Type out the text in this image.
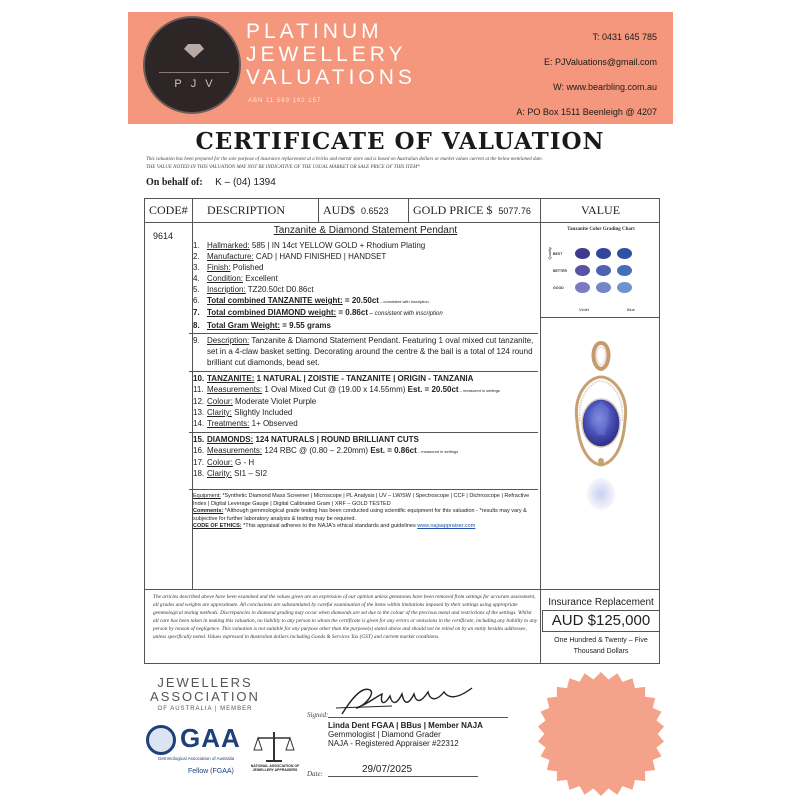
PJV
PLATINUM
JEWELLERY
VALUATIONS
ABN 11 589 192 157
T: 0431 645 785
E: PJValuations@gmail.com
W: www.bearbling.com.au
A: PO Box 1511 Beenleigh @ 4207
CERTIFICATE OF VALUATION
This valuation has been prepared for the sole purpose of insurance replacement at a bricks and mortar store and is based on Australian dollars or market values current at the below mentioned date.
THE VALUE NOTED IN THIS VALUATION MAY NOT BE INDICATIVE OF THE USUAL MARKET OR SALE PRICE OF THIS ITEM*
On behalf of: K – (04) 1394
CODE#	DESCRIPTION	AUD$ 0.6523 GOLD PRICE $ 5077.76	VALUE
9614	Tanzanite & Diamond Statement Pendant
1. Hallmarked: 585 | IN 14ct YELLOW GOLD + Rhodium Plating
2. Manufacture: CAD | HAND FINISHED | HANDSET
3. Finish: Polished
4. Condition: Excellent
5. Inscription: TZ20.50ct D0.86ct
6. Total combined TANZANITE weight: = 20.50ct – consistent with inscription
7. Total combined DIAMOND weight: = 0.86ct – consistent with inscription
8. Total Gram Weight: = 9.55 grams
9. Description: Tanzanite & Diamond Statement Pendant. Featuring 1 oval mixed cut tanzanite, set in a 4-claw basket setting. Decorating around the centre & the bail is a total of 124 round brilliant cut diamonds, bead set.
10. TANZANITE: 1 NATURAL | ZOISTIE - TANZANITE | ORIGIN - TANZANIA
11. Measurements: 1 Oval Mixed Cut @ (19.00 x 14.55mm) Est. = 20.50ct – measured in settings
12. Colour: Moderate Violet Purple
13. Clarity: Slightly Included
14. Treatments: 1+ Observed
15. DIAMONDS: 124 NATURALS | ROUND BRILLIANT CUTS
16. Measurements: 124 RBC @ (0.80 – 2.20mm) Est. = 0.86ct – measured in settings
17. Colour: G - H
18. Clarity: SI1 – SI2
Equipment: *Synthetic Diamond Mass Screener | Microscope | PL Analysis | UV – LW/SW | Spectroscope | CCF | Dichroscope | Refractive Index | Digital Leverage Gauge | Digital Calibrated Gram | XRF – GOLD TESTED
Comments: *Although gemmological grade testing has been conducted using scientific equipment for this valuation - *results may vary & subjective for further laboratory analysis & testing may be required.
CODE OF ETHICS: *This appraisal adheres to the NAJA's ethical standards and guidelines www.najaappraiser.com
Tanzanite Color Grading Chart
Quality BEST
BETTER
GOOD
Violet	Blue
The articles described above have been examined and the values given are an expression of our opinion unless gemstones have been removed from settings for accurate assessment, all grades and weights are approximate. All conclusions are substantiated by careful examination of the items within limitations imposed by their settings using appropriate gemmological testing methods. Discrepancies in diamond grading may occur when diamonds are set due to the colour of the precious metal and restrictions of the settings. Whilst all care has been taken in making this valuation, no liability to any person to whom the certificate is given for any errors or omissions in the certificate, including any liability to any person by reason of negligence. This valuation is not suitable for any purpose other than the purpose(s) stated above and should not be relied on by an entity besides addressee, unless specifically noted. Values expressed in Australian dollars including Goods & Services Tax (GST) and current market conditions.
Insurance Replacement
AUD $125,000
One Hundred & Twenty – Five Thousand Dollars
JEWELLERS
ASSOCIATION
OF AUSTRALIA | MEMBER
GAA
Gemmological Association of Australia
Fellow (FGAA)
NATIONAL ASSOCIATION OF JEWELLERY APPRAISERS
Signed:
Linda Dent FGAA | BBus | Member NAJA
Gemmologist | Diamond Grader
NAJA - Registered Appraiser #22312
Date:	29/07/2025
